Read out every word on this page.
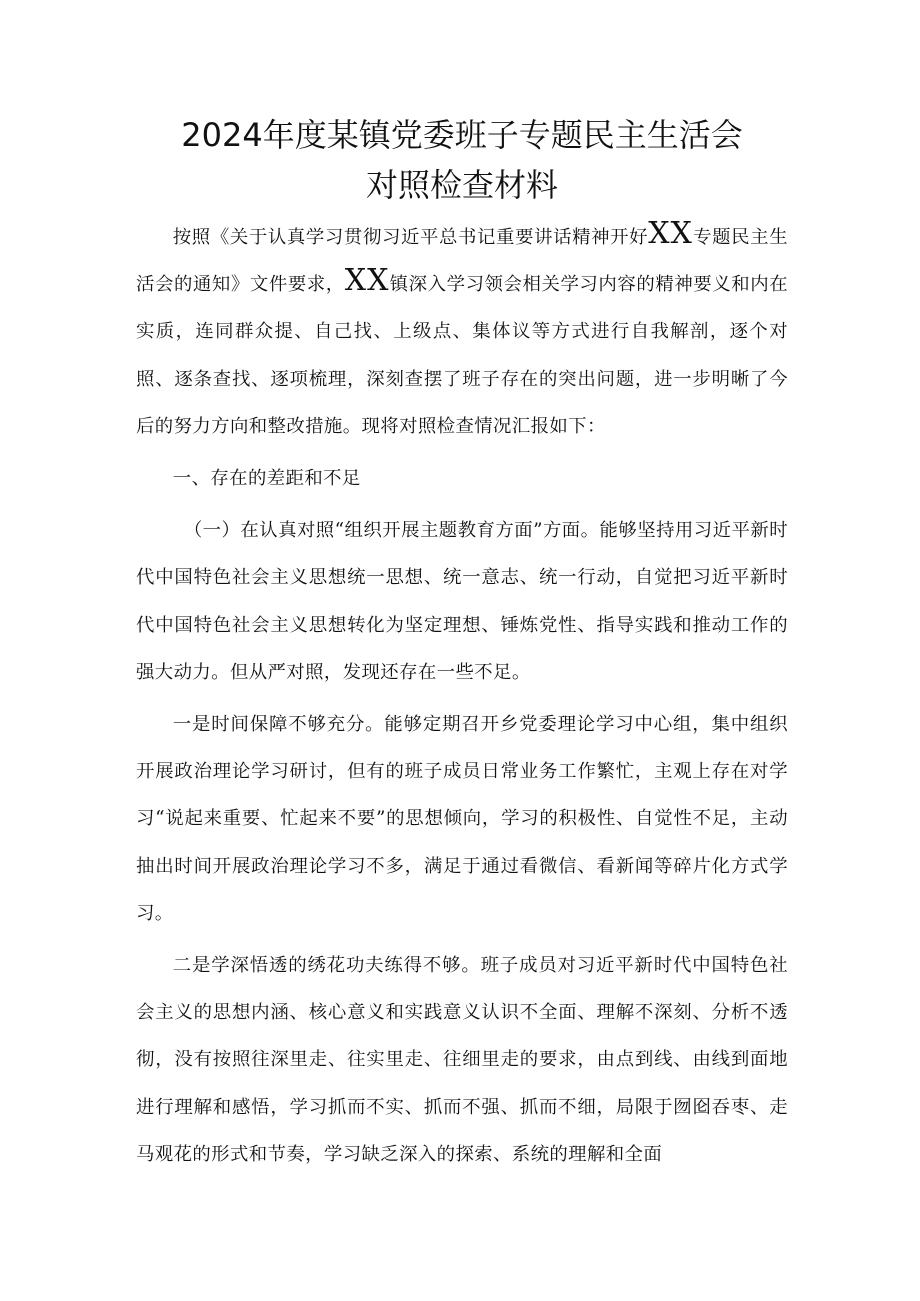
2024年度某镇党委班子专题民主生活会
对照检查材料

按照《关于认真学习贯彻习近平总书记重要讲话精神开好XX专题民主生活会的通知》文件要求，XX镇深入学习领会相关学习内容的精神要义和内在实质，连同群众提、自己找、上级点、集体议等方式进行自我解剖，逐个对照、逐条查找、逐项梳理，深刻查摆了班子存在的突出问题，进一步明晰了今后的努力方向和整改措施。现将对照检查情况汇报如下：

一、存在的差距和不足

（一）在认真对照“组织开展主题教育方面”方面。能够坚持用习近平新时代中国特色社会主义思想统一思想、统一意志、统一行动，自觉把习近平新时代中国特色社会主义思想转化为坚定理想、锤炼党性、指导实践和推动工作的强大动力。但从严对照，发现还存在一些不足。

一是时间保障不够充分。能够定期召开乡党委理论学习中心组，集中组织开展政治理论学习研讨，但有的班子成员日常业务工作繁忙，主观上存在对学习“说起来重要、忙起来不要”的思想倾向，学习的积极性、自觉性不足，主动抽出时间开展政治理论学习不多，满足于通过看微信、看新闻等碎片化方式学习。

二是学深悟透的绣花功夫练得不够。班子成员对习近平新时代中国特色社会主义的思想内涵、核心意义和实践意义认识不全面、理解不深刻、分析不透彻，没有按照往深里走、往实里走、往细里走的要求，由点到线、由线到面地进行理解和感悟，学习抓而不实、抓而不强、抓而不细，局限于囫囵吞枣、走马观花的形式和节奏，学习缺乏深入的探索、系统的理解和全面
